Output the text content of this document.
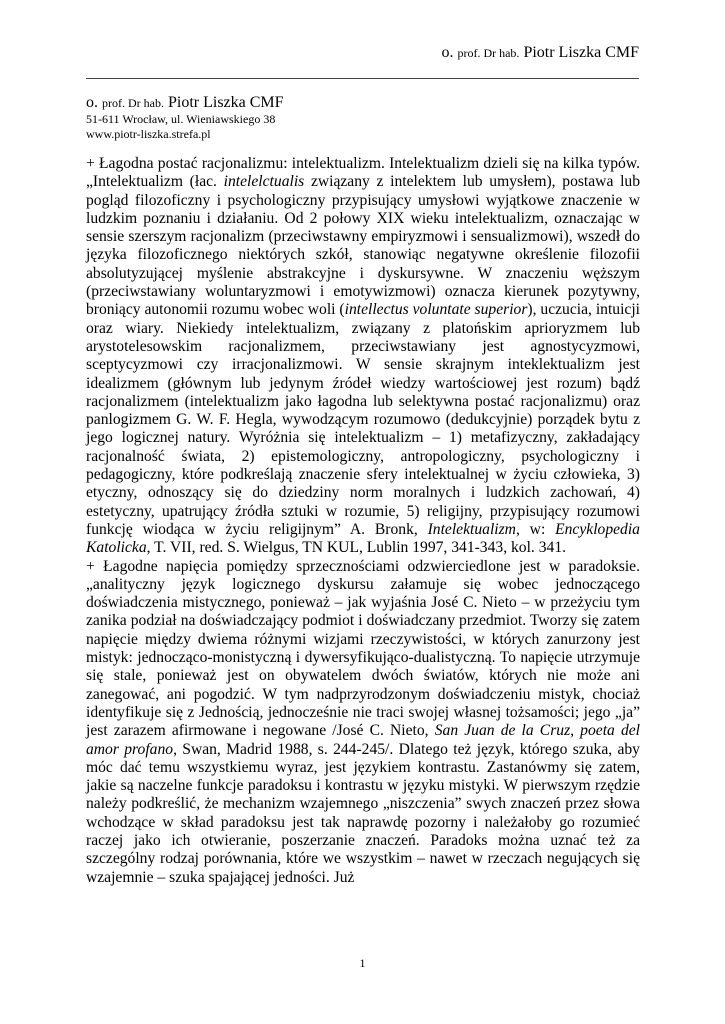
o. prof. Dr hab. Piotr Liszka CMF
o. prof. Dr hab. Piotr Liszka CMF
51-611 Wrocław, ul. Wieniawskiego 38
www.piotr-liszka.strefa.pl

+ Łagodna postać racjonalizmu: intelektualizm. Intelektualizm dzieli się na kilka typów. „Intelektualizm (łac. intelelctualis związany z intelektem lub umysłem), postawa lub pogląd filozoficzny i psychologiczny przypisujący umysłowi wyjątkowe znaczenie w ludzkim poznaniu i działaniu. Od 2 połowy XIX wieku intelektualizm, oznaczając w sensie szerszym racjonalizm (przeciwstawny empiryzmowi i sensualizmowi), wszedł do języka filozoficznego niektórych szkół, stanowiąc negatywne określenie filozofii absolutyzującej myślenie abstrakcyjne i dyskursywne. W znaczeniu węższym (przeciwstawiany woluntaryzmowi i emotywizmowi) oznacza kierunek pozytywny, broniący autonomii rozumu wobec woli (intellectus voluntate superior), uczucia, intuicji oraz wiary. Niekiedy intelektualizm, związany z platońskim aprioryzmem lub arystotelesowskim racjonalizmem, przeciwstawiany jest agnostycyzmowi, sceptycyzmowi czy irracjonalizmowi. W sensie skrajnym inteklektualizm jest idealizmem (głównym lub jedynym źródeł wiedzy wartościowej jest rozum) bądź racjonalizmem (intelektualizm jako łagodna lub selektywna postać racjonalizmu) oraz panlogizmem G. W. F. Hegla, wywodzącym rozumowo (dedukcyjnie) porządek bytu z jego logicznej natury. Wyróżnia się intelektualizm – 1) metafizyczny, zakładający racjonalność świata, 2) epistemologiczny, antropologiczny, psychologiczny i pedagogiczny, które podkreślają znaczenie sfery intelektualnej w życiu człowieka, 3) etyczny, odnoszący się do dziedziny norm moralnych i ludzkich zachowań, 4) estetyczny, upatrujący źródła sztuki w rozumie, 5) religijny, przypisujący rozumowi funkcję wiodąca w życiu religijnym” A. Bronk, Intelektualizm, w: Encyklopedia Katolicka, T. VII, red. S. Wielgus, TN KUL, Lublin 1997, 341-343, kol. 341.

+ Łagodne napięcia pomiędzy sprzecznościami odzwierciedlone jest w paradoksie. „analityczny język logicznego dyskursu załamuje się wobec jednoczącego doświadczenia mistycznego, ponieważ – jak wyjaśnia José C. Nieto – w przeżyciu tym zanika podział na doświadczający podmiot i doświadczany przedmiot. Tworzy się zatem napięcie między dwiema różnymi wizjami rzeczywistości, w których zanurzony jest mistyk: jednocząco-monistyczną i dywersyfikująco-dualistyczną. To napięcie utrzymuje się stale, ponieważ jest on obywatelem dwóch światów, których nie może ani zanegować, ani pogodzić. W tym nadprzyrodzonym doświadczeniu mistyk, chociaż identyfikuje się z Jednością, jednocześnie nie traci swojej własnej tożsamości; jego „ja” jest zarazem afirmowane i negowane /José C. Nieto, San Juan de la Cruz, poeta del amor profano, Swan, Madrid 1988, s. 244-245/. Dlatego też język, którego szuka, aby móc dać temu wszystkiemu wyraz, jest językiem kontrastu. Zastanówmy się zatem, jakie są naczelne funkcje paradoksu i kontrastu w języku mistyki. W pierwszym rzędzie należy podkreślić, że mechanizm wzajemnego „niszczenia” swych znaczeń przez słowa wchodzące w skład paradoksu jest tak naprawdę pozorny i należałoby go rozumieć raczej jako ich otwieranie, poszerzanie znaczeń. Paradoks można uznać też za szczególny rodzaj porównania, które we wszystkim – nawet w rzeczach negujących się wzajemnie – szuka spajającej jedności. Już

1
